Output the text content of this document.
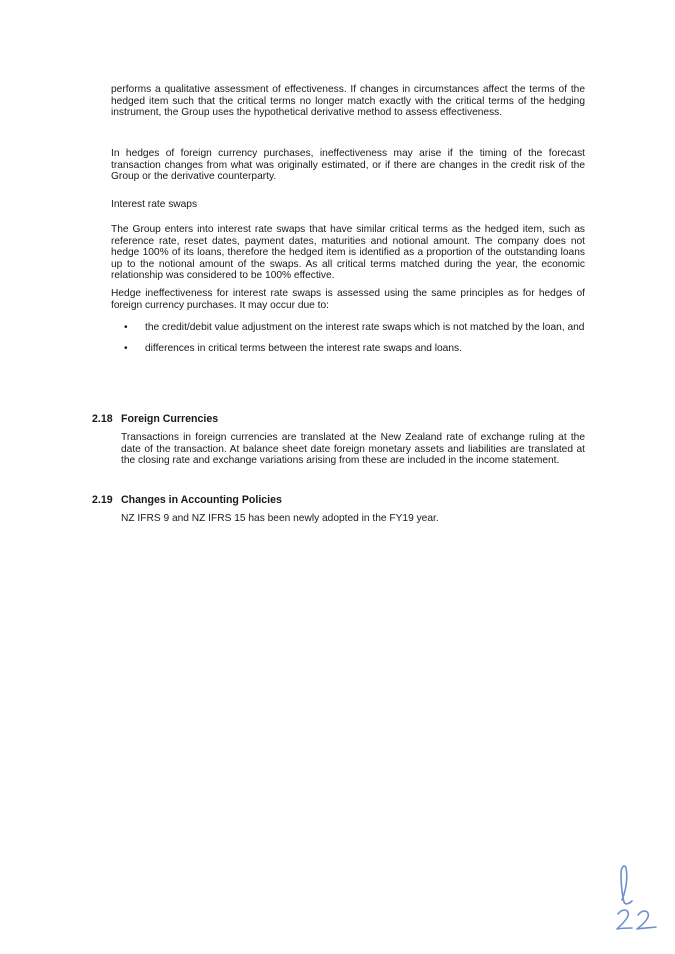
performs a qualitative assessment of effectiveness. If changes in circumstances affect the terms of the hedged item such that the critical terms no longer match exactly with the critical terms of the hedging instrument, the Group uses the hypothetical derivative method to assess effectiveness.
In hedges of foreign currency purchases, ineffectiveness may arise if the timing of the forecast transaction changes from what was originally estimated, or if there are changes in the credit risk of the Group or the derivative counterparty.
Interest rate swaps
The Group enters into interest rate swaps that have similar critical terms as the hedged item, such as reference rate, reset dates, payment dates, maturities and notional amount. The company does not hedge 100% of its loans, therefore the hedged item is identified as a proportion of the outstanding loans up to the notional amount of the swaps. As all critical terms matched during the year, the economic relationship was considered to be 100% effective.
Hedge ineffectiveness for interest rate swaps is assessed using the same principles as for hedges of foreign currency purchases. It may occur due to:
• the credit/debit value adjustment on the interest rate swaps which is not matched by the loan, and
• differences in critical terms between the interest rate swaps and loans.
2.18 Foreign Currencies
Transactions in foreign currencies are translated at the New Zealand rate of exchange ruling at the date of the transaction. At balance sheet date foreign monetary assets and liabilities are translated at the closing rate and exchange variations arising from these are included in the income statement.
2.19 Changes in Accounting Policies
NZ IFRS 9 and NZ IFRS 15 has been newly adopted in the FY19 year.
